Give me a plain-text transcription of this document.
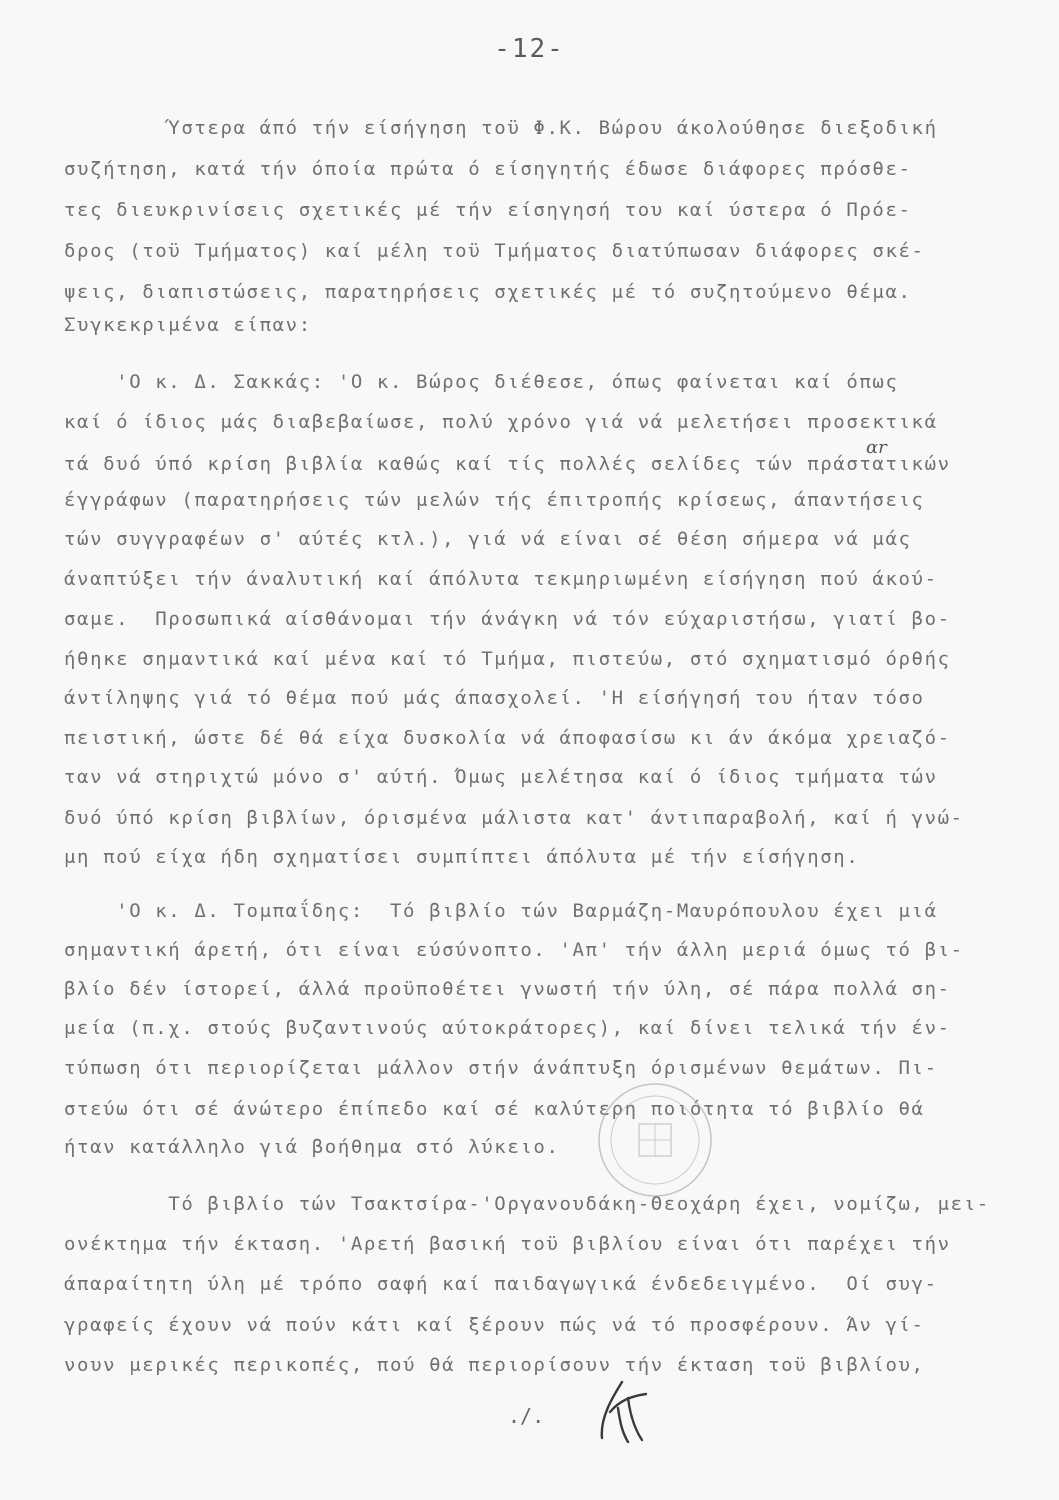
-12-
αr
Ύστερα άπό τήν είσήγηση τοϋ Φ.Κ. Βώρου άκολούθησε διεξοδική
συζήτηση, κατά τήν όποία πρώτα ό είσηγητής έδωσε διάφορες πρόσθε-
τες διευκρινίσεις σχετικές μέ τήν είσηγησή του καί ύστερα ό Πρόε-
δρος (τοϋ Τμήματος) καί μέλη τοϋ Τμήματος διατύπωσαν διάφορες σκέ-
ψεις, διαπιστώσεις, παρατηρήσεις σχετικές μέ τό συζητούμενο θέμα.
Συγκεκριμένα είπαν:
'Ο κ. Δ. Σακκάς: 'Ο κ. Βώρος διέθεσε, όπως φαίνεται καί όπως
καί ό ίδιος μάς διαβεβαίωσε, πολύ χρόνο γιά νά μελετήσει προσεκτικά
τά δυό ύπό κρίση βιβλία καθώς καί τίς πολλές σελίδες τών πράστατικών
έγγράφων (παρατηρήσεις τών μελών τής έπιτροπής κρίσεως, άπαντήσεις
τών συγγραφέων σ' αύτές κτλ.), γιά νά είναι σέ θέση σήμερα νά μάς
άναπτύξει τήν άναλυτική καί άπόλυτα τεκμηριωμένη είσήγηση πού άκού-
σαμε.  Προσωπικά αίσθάνομαι τήν άνάγκη νά τόν εύχαριστήσω, γιατί βο-
ήθηκε σημαντικά καί μένα καί τό Τμήμα, πιστεύω, στό σχηματισμό όρθής
άντίληψης γιά τό θέμα πού μάς άπασχολεί. 'Η είσήγησή του ήταν τόσο
πειστική, ώστε δέ θά είχα δυσκολία νά άποφασίσω κι άν άκόμα χρειαζό-
ταν νά στηριχτώ μόνο σ' αύτή. Όμως μελέτησα καί ό ίδιος τμήματα τών
δυό ύπό κρίση βιβλίων, όρισμένα μάλιστα κατ' άντιπαραβολή, καί ή γνώ-
μη πού είχα ήδη σχηματίσει συμπίπτει άπόλυτα μέ τήν είσήγηση.
'Ο κ. Δ. Τομπαΐδης:  Τό βιβλίο τών Βαρμάζη-Μαυρόπουλου έχει μιά
σημαντική άρετή, ότι είναι εύσύνοπτο. 'Απ' τήν άλλη μεριά όμως τό βι-
βλίο δέν ίστορεί, άλλά προϋποθέτει γνωστή τήν ύλη, σέ πάρα πολλά ση-
μεία (π.χ. στούς βυζαντινούς αύτοκράτορες), καί δίνει τελικά τήν έν-
τύπωση ότι περιορίζεται μάλλον στήν άνάπτυξη όρισμένων θεμάτων. Πι-
στεύω ότι σέ άνώτερο έπίπεδο καί σέ καλύτερη ποιότητα τό βιβλίο θά
ήταν κατάλληλο γιά βοήθημα στό λύκειο.
Τό βιβλίο τών Τσακτσίρα-'Οργανουδάκη-Θεοχάρη έχει, νομίζω, μει-
ονέκτημα τήν έκταση. 'Αρετή βασική τοϋ βιβλίου είναι ότι παρέχει τήν
άπαραίτητη ύλη μέ τρόπο σαφή καί παιδαγωγικά ένδεδειγμένο.  Οί συγ-
γραφείς έχουν νά πούν κάτι καί ξέρουν πώς νά τό προσφέρουν. Άν γί-
νουν μερικές περικοπές, πού θά περιορίσουν τήν έκταση τοϋ βιβλίου,
./.
